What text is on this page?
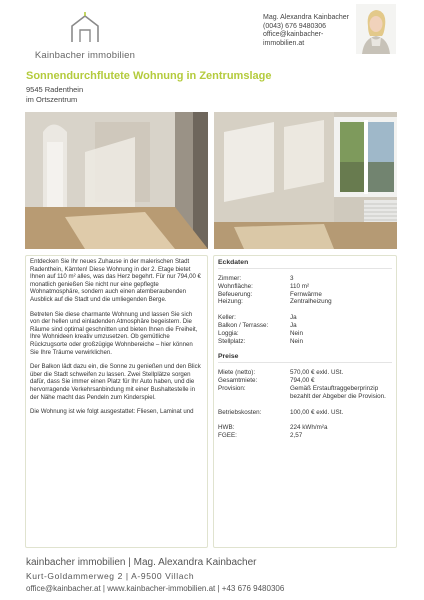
Kainbacher immobilien
Mag. Alexandra Kainbacher
(0043) 676 9480306
office@kainbacher-
immobilien.at
Sonnendurchflutete Wohnung in Zentrumslage
9545 Radenthein
im Ortszentrum

Entdecken Sie Ihr neues Zuhause in der malerischen Stadt Radenthein, Kärnten! Diese Wohnung in der 2. Etage bietet Ihnen auf 110 m² alles, was das Herz begehrt. Für nur 794,00 € monatlich genießen Sie nicht nur eine gepflegte Wohnatmosphäre, sondern auch einen atemberaubenden Ausblick auf die Stadt und die umliegenden Berge.

Betreten Sie diese charmante Wohnung und lassen Sie sich von der hellen und einladenden Atmosphäre begeistern. Die Räume sind optimal geschnitten und bieten Ihnen die Freiheit, Ihre Wohnideen kreativ umzusetzen. Ob gemütliche Rückzugsorte oder großzügige Wohnbereiche – hier können Sie Ihre Träume verwirklichen.

Der Balkon lädt dazu ein, die Sonne zu genießen und den Blick über die Stadt schweifen zu lassen. Zwei Stellplätze sorgen dafür, dass Sie immer einen Platz für Ihr Auto haben, und die hervorragende Verkehrsanbindung mit einer Bushaltestelle in der Nähe macht das Pendeln zum Kinderspiel.

Die Wohnung ist wie folgt ausgestattet: Fliesen, Laminat und

Eckdaten
Zimmer:	3
Wohnfläche:	110 m²
Befeuerung:	Fernwärme
Heizung:	Zentralheizung
Keller:	Ja
Balkon / Terrasse:	Ja
Loggia:	Nein
Stellplatz:	Nein
Preise
Miete (netto):	570,00 € exkl. USt.
Gesamtmiete:	794,00 €
Provision:	Gemäß Erstauftraggeberprinzip bezahlt der Abgeber die Provision.
Betriebskosten:	100,00 € exkl. USt.
HWB:	224 kWh/m²a
FGEE:	2,57
kainbacher immobilien | Mag. Alexandra Kainbacher
Kurt-Goldammerweg 2 | A-9500 Villach
office@kainbacher.at | www.kainbacher-immobilien.at | +43 676 9480306
